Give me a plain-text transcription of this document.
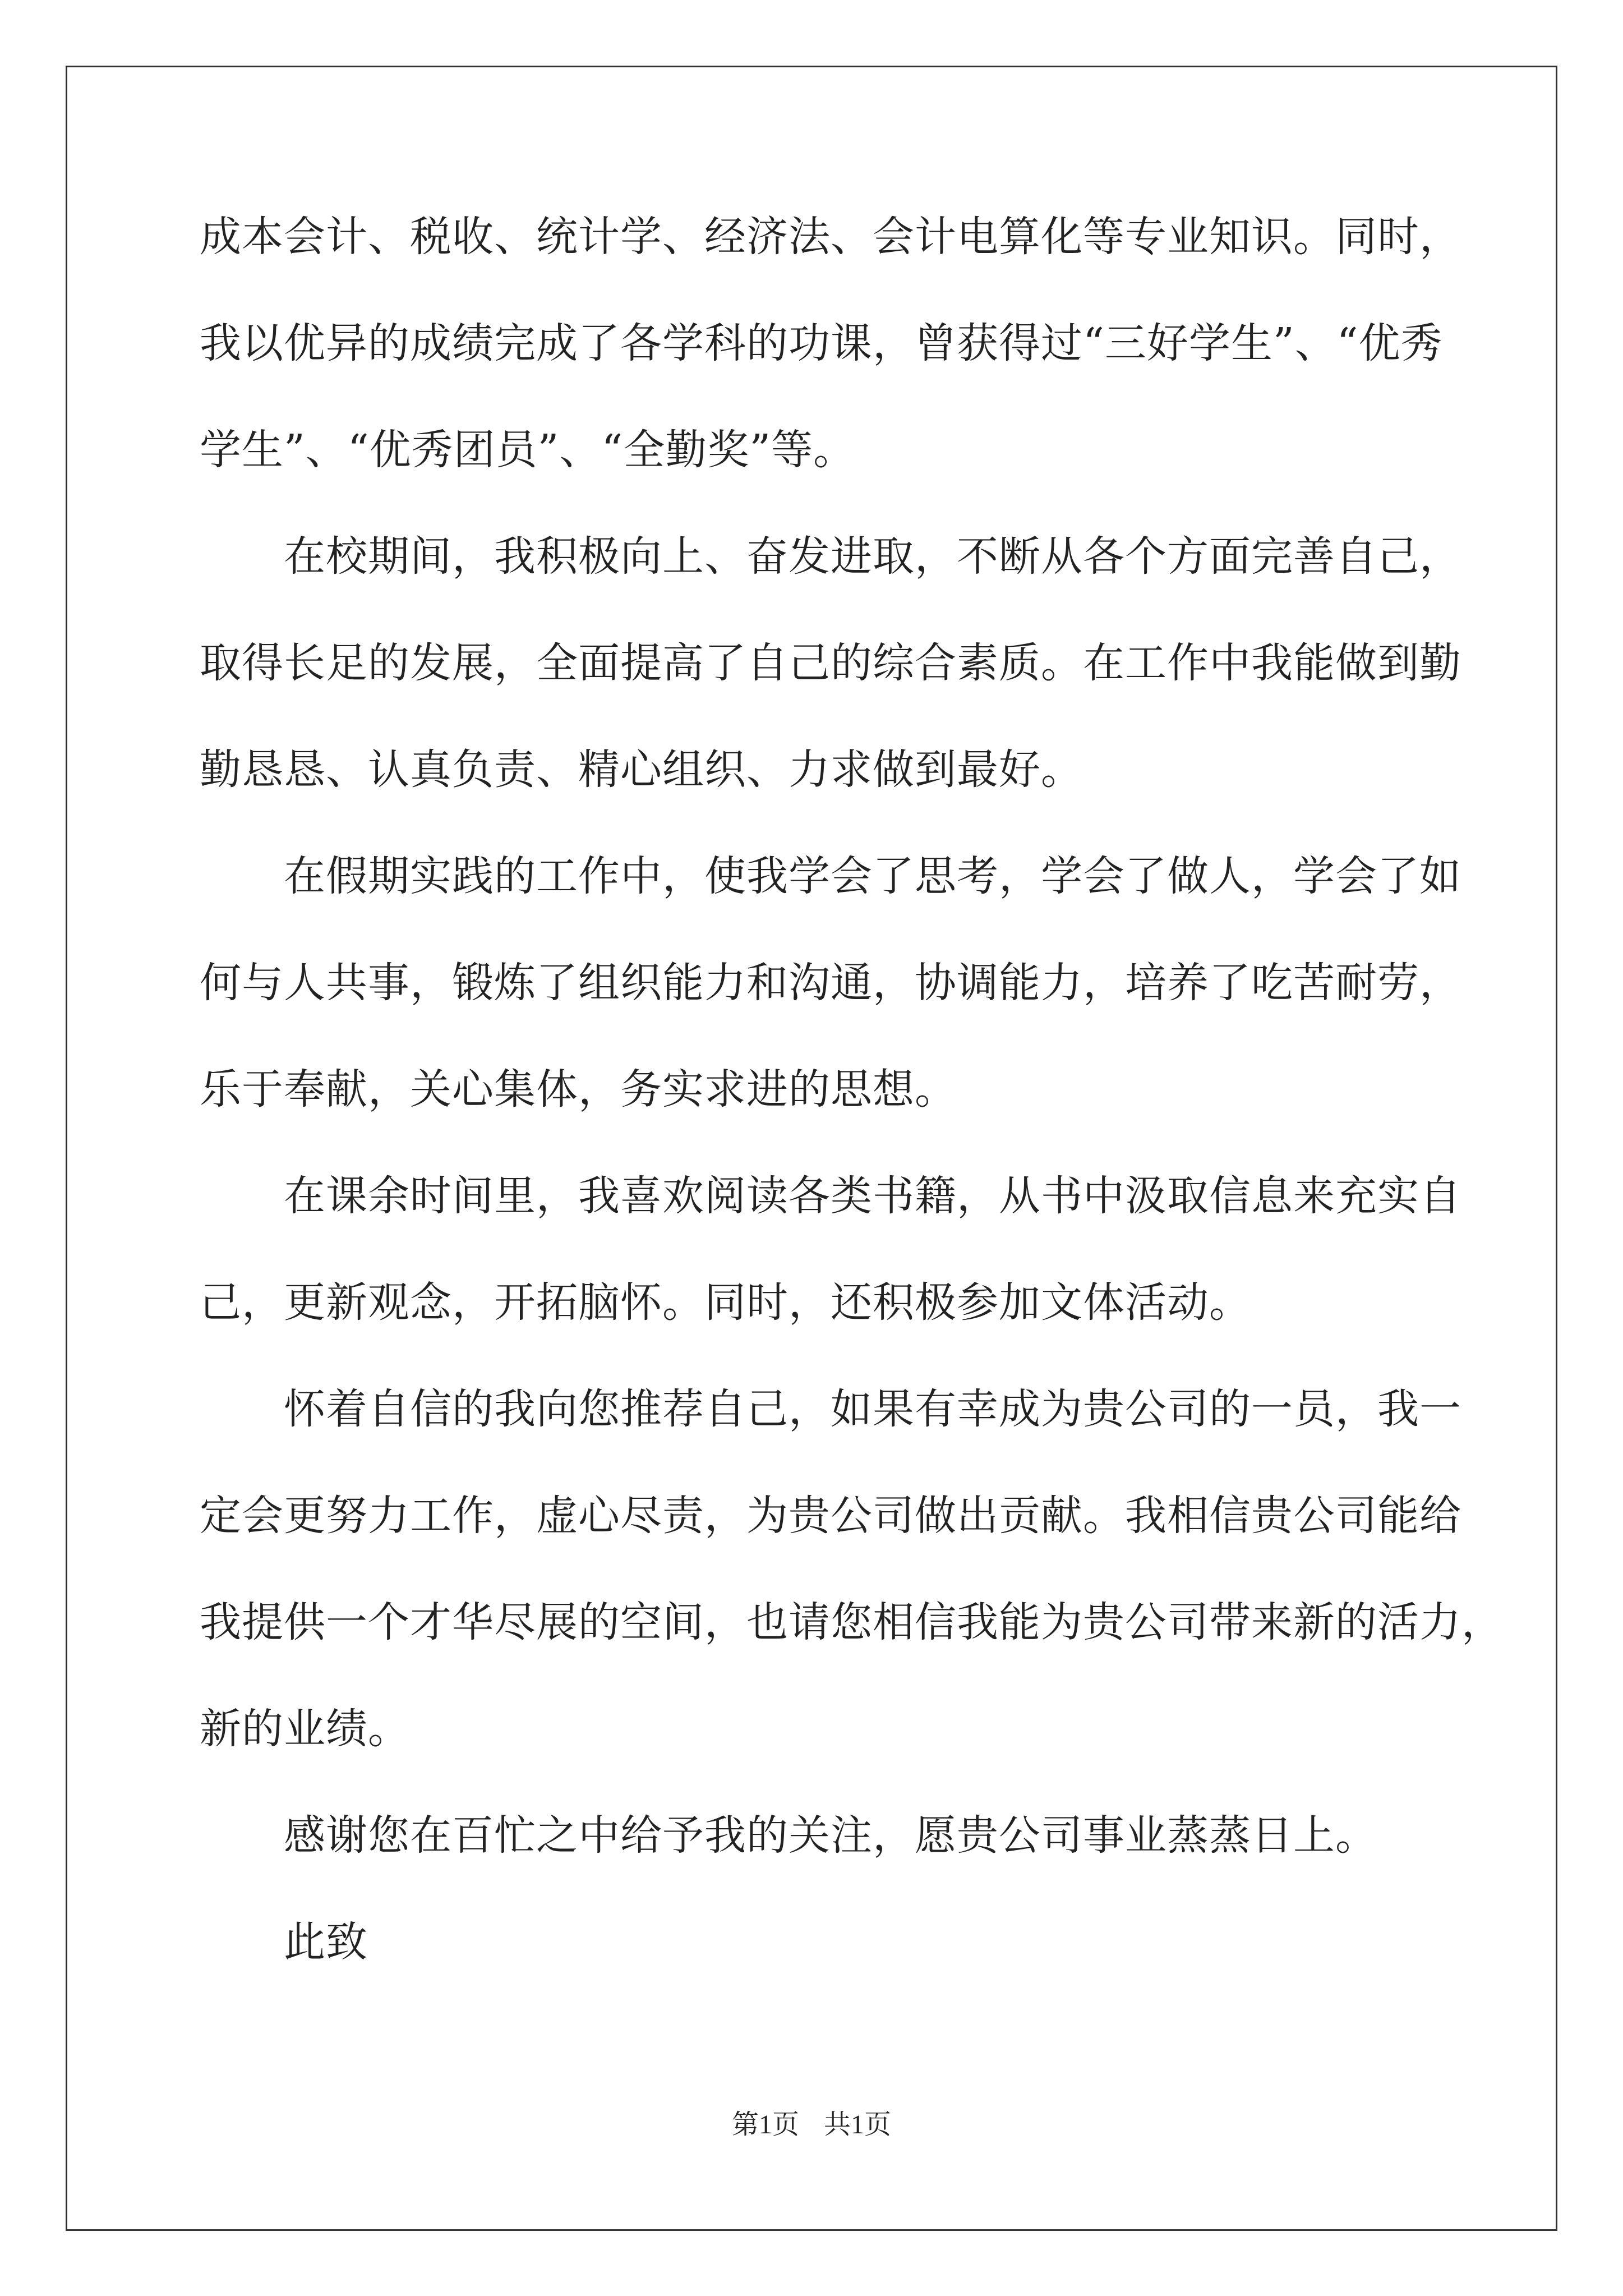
成本会计、税收、统计学、经济法、会计电算化等专业知识。同时，
我以优异的成绩完成了各学科的功课，曾获得过“三好学生”、“优秀
学生”、“优秀团员”、“全勤奖”等。
在校期间，我积极向上、奋发进取，不断从各个方面完善自己，
取得长足的发展，全面提高了自己的综合素质。在工作中我能做到勤
勤恳恳、认真负责、精心组织、力求做到最好。
在假期实践的工作中，使我学会了思考，学会了做人，学会了如
何与人共事，锻炼了组织能力和沟通，协调能力，培养了吃苦耐劳，
乐于奉献，关心集体，务实求进的思想。
在课余时间里，我喜欢阅读各类书籍，从书中汲取信息来充实自
己，更新观念，开拓脑怀。同时，还积极参加文体活动。
怀着自信的我向您推荐自己，如果有幸成为贵公司的一员，我一
定会更努力工作，虚心尽责，为贵公司做出贡献。我相信贵公司能给
我提供一个才华尽展的空间，也请您相信我能为贵公司带来新的活力，
新的业绩。
感谢您在百忙之中给予我的关注，愿贵公司事业蒸蒸日上。
此致
第1页 共1页
